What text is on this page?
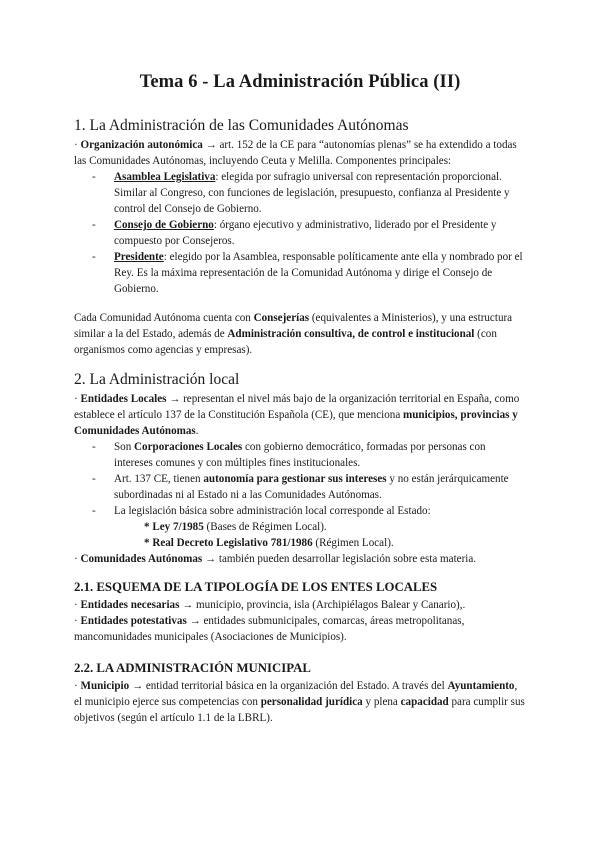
Tema 6 - La Administración Pública (II)
1. La Administración de las Comunidades Autónomas

· Organización autonómica → art. 152 de la CE para “autonomías plenas” se ha extendido a todas las Comunidades Autónomas, incluyendo Ceuta y Melilla. Componentes principales:

- Asamblea Legislativa: elegida por sufragio universal con representación proporcional. Similar al Congreso, con funciones de legislación, presupuesto, confianza al Presidente y control del Consejo de Gobierno.
- Consejo de Gobierno: órgano ejecutivo y administrativo, liderado por el Presidente y compuesto por Consejeros.
- Presidente: elegido por la Asamblea, responsable políticamente ante ella y nombrado por el Rey. Es la máxima representación de la Comunidad Autónoma y dirige el Consejo de Gobierno.

Cada Comunidad Autónoma cuenta con Consejerías (equivalentes a Ministerios), y una estructura similar a la del Estado, además de Administración consultiva, de control e institucional (con organismos como agencias y empresas).

2. La Administración local

· Entidades Locales → representan el nivel más bajo de la organización territorial en España, como establece el artículo 137 de la Constitución Española (CE), que menciona municipios, provincias y Comunidades Autónomas.

- Son Corporaciones Locales con gobierno democrático, formadas por personas con intereses comunes y con múltiples fines institucionales.
- Art. 137 CE, tienen autonomía para gestionar sus intereses y no están jerárquicamente subordinadas ni al Estado ni a las Comunidades Autónomas.
- La legislación básica sobre administración local corresponde al Estado:

* Ley 7/1985 (Bases de Régimen Local).

* Real Decreto Legislativo 781/1986 (Régimen Local).

· Comunidades Autónomas → también pueden desarrollar legislación sobre esta materia.

2.1. ESQUEMA DE LA TIPOLOGÍA DE LOS ENTES LOCALES

· Entidades necesarias → municipio, provincia, isla (Archipiélagos Balear y Canario),.

· Entidades potestativas → entidades submunicipales, comarcas, áreas metropolitanas, mancomunidades municipales (Asociaciones de Municipios).

2.2. LA ADMINISTRACIÓN MUNICIPAL

· Municipio → entidad territorial básica en la organización del Estado. A través del Ayuntamiento, el municipio ejerce sus competencias con personalidad jurídica y plena capacidad para cumplir sus objetivos (según el artículo 1.1 de la LBRL).
